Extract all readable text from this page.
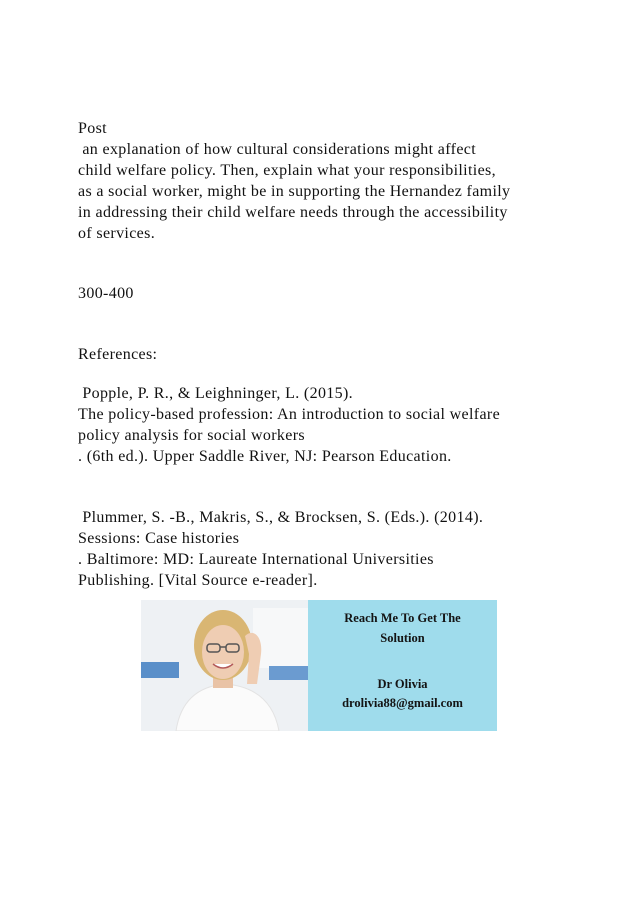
Post
an explanation of how cultural considerations might affect
child welfare policy. Then, explain what your responsibilities,
as a social worker, might be in supporting the Hernandez family
in addressing their child welfare needs through the accessibility
of services.
300-400
References:
Popple, P. R., & Leighninger, L. (2015).
The policy-based profession: An introduction to social welfare
policy analysis for social workers
. (6th ed.). Upper Saddle River, NJ: Pearson Education.
Plummer, S. -B., Makris, S., & Brocksen, S. (Eds.). (2014).
Sessions: Case histories
. Baltimore: MD: Laureate International Universities
Publishing. [Vital Source e-reader].
Reach Me To Get The
Solution
Dr Olivia
drolivia88@gmail.com
